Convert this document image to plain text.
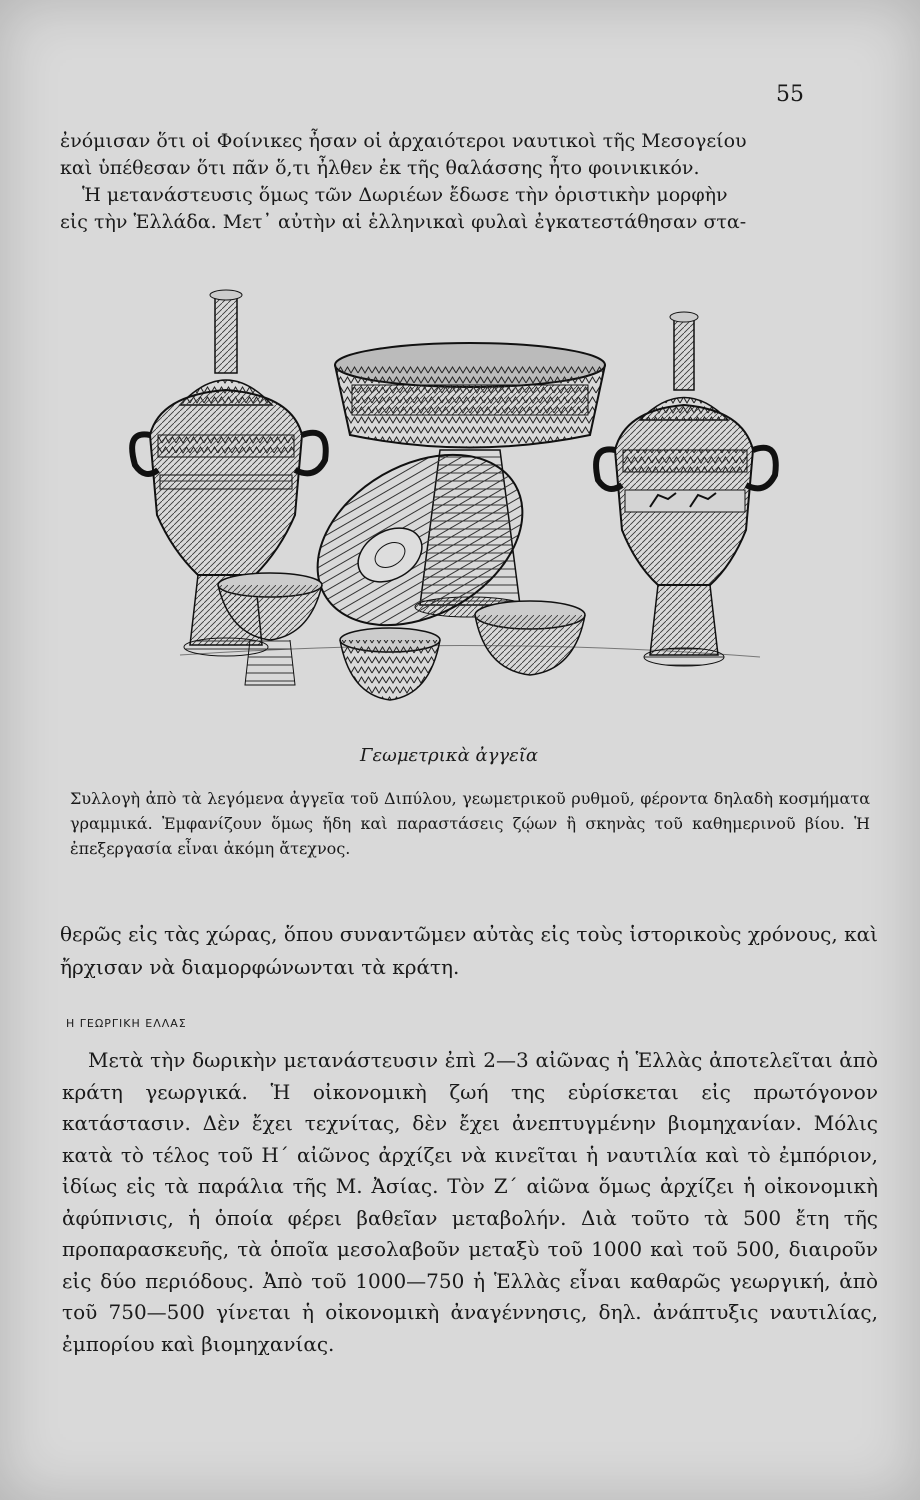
55
ἐνόμισαν ὅτι οἱ Φοίνικες ἦσαν οἱ ἀρχαιότεροι ναυτικοὶ τῆς Μεσογείου
καὶ ὑπέθεσαν ὅτι πᾶν ὅ,τι ἦλθεν ἐκ τῆς θαλάσσης ἦτο φοινικικόν.
Ἡ μετανάστευσις ὅμως τῶν Δωριέων ἔδωσε τὴν ὁριστικὴν μορφὴν
εἰς τὴν Ἑλλάδα. Μετ᾽ αὐτὴν αἱ ἑλληνικαὶ φυλαὶ ἐγκατεστάθησαν στα-
Γεωμετρικὰ ἀγγεῖα

Συλλογὴ ἀπὸ τὰ λεγόμενα ἀγγεῖα τοῦ Διπύλου, γεωμετρικοῦ ρυθμοῦ, φέροντα δηλαδὴ κοσμήματα γραμμικά. Ἐμφανίζουν ὅμως ἤδη καὶ παραστάσεις ζῴων ἢ σκηνὰς τοῦ καθημερινοῦ βίου. Ἡ ἐπεξεργασία εἶναι ἀκόμη ἄτεχνος.

θερῶς εἰς τὰς χώρας, ὅπου συναντῶμεν αὐτὰς εἰς τοὺς ἱστορικοὺς χρόνους, καὶ ἤρχισαν νὰ διαμορφώνωνται τὰ κράτη.

Η ΓΕΩΡΓΙΚΗ ΕΛΛΑΣ

Μετὰ τὴν δωρικὴν μετανάστευσιν ἐπὶ 2—3 αἰῶνας ἡ Ἑλλὰς ἀποτελεῖται ἀπὸ κράτη γεωργικά. Ἡ οἰκονομικὴ ζωή της εὑρίσκεται εἰς πρωτόγονον κατάστασιν. Δὲν ἔχει τεχνίτας, δὲν ἔχει ἀνεπτυγμένην βιομηχανίαν. Μόλις κατὰ τὸ τέλος τοῦ Η´ αἰῶνος ἀρχίζει νὰ κινεῖται ἡ ναυτιλία καὶ τὸ ἐμπόριον, ἰδίως εἰς τὰ παράλια τῆς Μ. Ἀσίας. Τὸν Ζ´ αἰῶνα ὅμως ἀρχίζει ἡ οἰκονομικὴ ἀφύπνισις, ἡ ὁποία φέρει βαθεῖαν μεταβολήν. Διὰ τοῦτο τὰ 500 ἔτη τῆς προπαρασκευῆς, τὰ ὁποῖα μεσολαβοῦν μεταξὺ τοῦ 1000 καὶ τοῦ 500, διαιροῦν εἰς δύο περιόδους. Ἀπὸ τοῦ 1000—750 ἡ Ἑλλὰς εἶναι καθαρῶς γεωργική, ἀπὸ τοῦ 750—500 γίνεται ἡ οἰκονομικὴ ἀναγέννησις, δηλ. ἀνάπτυξις ναυτιλίας, ἐμπορίου καὶ βιομηχανίας.
